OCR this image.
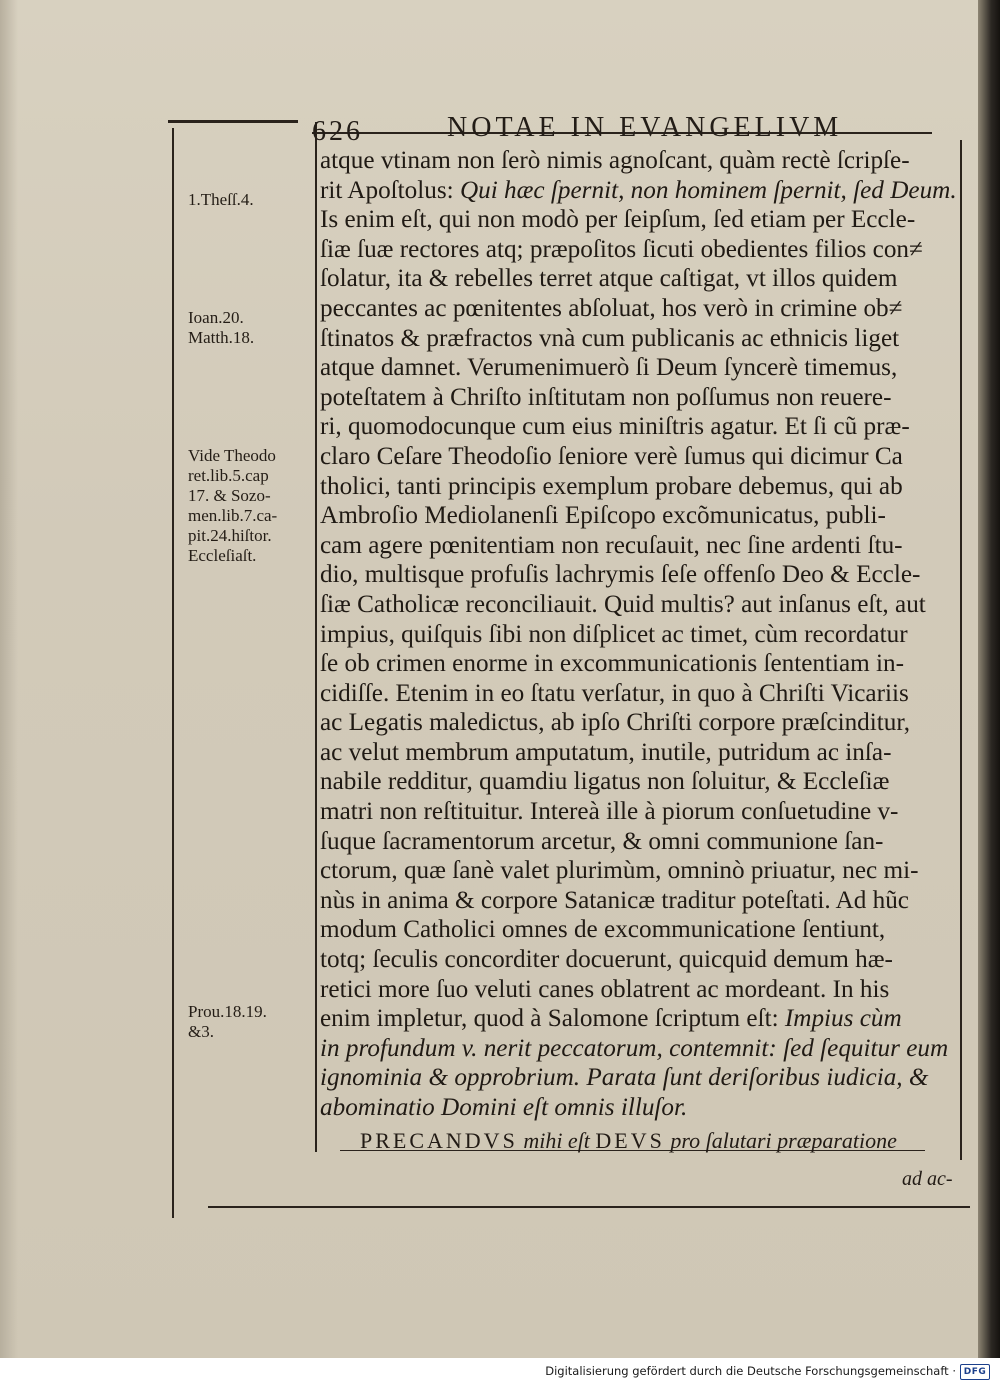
626	NOTAE IN EVANGELIVM
1.Theſſ.4.
Ioan.20.
Matth.18.
Vide Theodo
ret.lib.5.cap
17. & Sozo-
men.lib.7.ca-
pit.24.hiſtor.
Eccleſiaſt.
Prou.18.19.
&3.
atque vtinam non ſerò nimis agnoſcant, quàm rectè ſcripſe-
rit Apoſtolus: Qui hæc ſpernit, non hominem ſpernit, ſed Deum.
Is enim eſt, qui non modò per ſeipſum, ſed etiam per Eccle-
ſiæ ſuæ rectores atq; præpoſitos ſicuti obedientes filios con≠
ſolatur, ita & rebelles terret atque caſtigat, vt illos quidem
peccantes ac pœnitentes abſoluat, hos verò in crimine ob≠
ſtinatos & præfractos vnà cum publicanis ac ethnicis liget
atque damnet. Verumenimuerò ſi Deum ſyncerè timemus,
poteſtatem à Chriſto inſtitutam non poſſumus non reuere-
ri, quomodocunque cum eius miniſtris agatur. Et ſi cũ præ-
claro Ceſare Theodoſio ſeniore verè ſumus qui dicimur Ca
tholici, tanti principis exemplum probare debemus, qui ab
Ambroſio Mediolanenſi Epiſcopo excõmunicatus, publi-
cam agere pœnitentiam non recuſauit, nec ſine ardenti ſtu-
dio, multisque profuſis lachrymis ſeſe offenſo Deo & Eccle-
ſiæ Catholicæ reconciliauit. Quid multis? aut inſanus eſt, aut
impius, quiſquis ſibi non diſplicet ac timet, cùm recordatur
ſe ob crimen enorme in excommunicationis ſententiam in-
cidiſſe. Etenim in eo ſtatu verſatur, in quo à Chriſti Vicariis
ac Legatis maledictus, ab ipſo Chriſti corpore præſcinditur,
ac velut membrum amputatum, inutile, putridum ac inſa-
nabile redditur, quamdiu ligatus non ſoluitur, & Eccleſiæ
matri non reſtituitur. Intereà ille à piorum conſuetudine v-
ſuque ſacramentorum arcetur, & omni communione ſan-
ctorum, quæ ſanè valet plurimùm, omninò priuatur, nec mi-
nùs in anima & corpore Satanicæ traditur poteſtati. Ad hũc
modum Catholici omnes de excommunicatione ſentiunt,
totq; ſeculis concorditer docuerunt, quicquid demum hæ-
retici more ſuo veluti canes oblatrent ac mordeant. In his
enim impletur, quod à Salomone ſcriptum eſt: Impius cùm
in profundum v. nerit peccatorum, contemnit: ſed ſequitur eum
ignominia & opprobrium. Parata ſunt deriſoribus iudicia, &
abominatio Domini eſt omnis illuſor.
PRECANDVS mihi eſt DEVS pro ſalutari præparatione
ad ac-
Digitalisierung gefördert durch die Deutsche Forschungsgemeinschaft · DFG
